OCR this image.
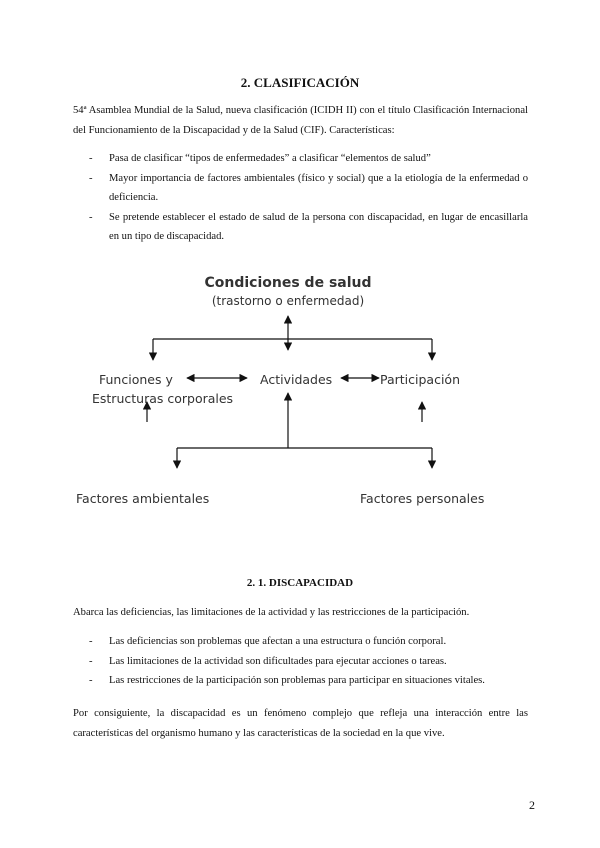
2. CLASIFICACIÓN
54ª Asamblea Mundial de la Salud, nueva clasificación (ICIDH II) con el título Clasificación Internacional del Funcionamiento de la Discapacidad y de la Salud (CIF). Características:
- Pasa de clasificar “tipos de enfermedades” a clasificar “elementos de salud”
- Mayor importancia de factores ambientales (físico y social) que a la etiología de la enfermedad o deficiencia.
- Se pretende establecer el estado de salud de la persona con discapacidad, en lugar de encasillarla en un tipo de discapacidad.
Condiciones de salud
(trastorno o enfermedad)
Funciones y
Estructuras corporales
Actividades	Participación
Factores ambientales	Factores personales
2. 1. DISCAPACIDAD
Abarca las deficiencias, las limitaciones de la actividad y las restricciones de la participación.
- Las deficiencias son problemas que afectan a una estructura o función corporal.
- Las limitaciones de la actividad son dificultades para ejecutar acciones o tareas.
- Las restricciones de la participación son problemas para participar en situaciones vitales.
Por consiguiente, la discapacidad es un fenómeno complejo que refleja una interacción entre las características del organismo humano y las características de la sociedad en la que vive.
2
